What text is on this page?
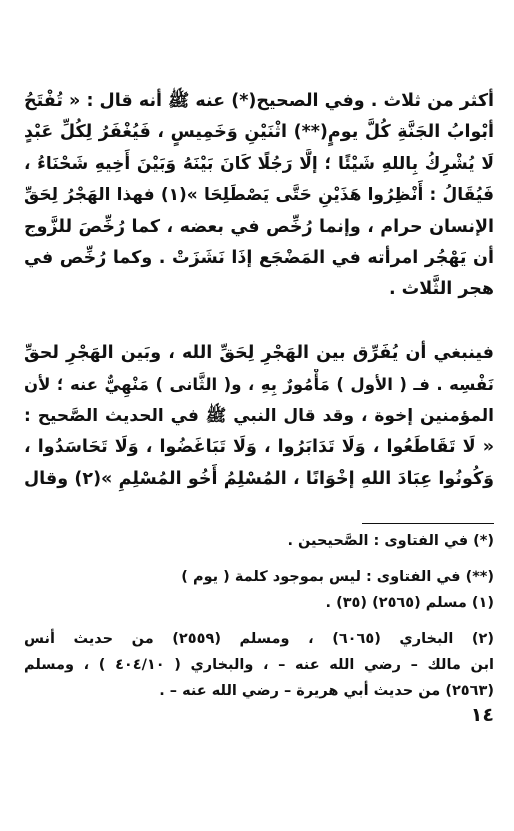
أكثر من ثلاث . وفي الصحيح(*) عنه ﷺ أنه قال : « تُفْتَحُ
أبْوابُ الجَنَّةِ كُلَّ يومٍ(**) اثْنَيْنِ وَخَمِيسٍ ، فَيُغْفَرُ لِكُلِّ عَبْدٍ
لَا يُشْرِكُ بِاللهِ شَيْئًا ؛ إلَّا رَجُلًا كَانَ بَيْنَهُ وَبَيْنَ أَخِيهِ شَحْنَاءُ ،
فَيُقَالُ : أَنْظِرُوا هَذَيْنِ حَتَّى يَصْطَلِحَا »(١) فهذا الهَجْرُ لِحَقِّ
الإنسان حرام ، وإنما رُخِّص في بعضه ، كما رُخِّصَ للزَّوج
أن يَهْجُر امرأته في المَضْجَع إذَا نَشَزَتْ . وكما رُخِّص في
هجر الثَّلاث .
فينبغي أن يُفَرِّق بين الهَجْرِ لِحَقِّ الله ، وبَين الهَجْرِ لحقِّ
نَفْسِه . فـ ( الأول ) مَأْمُورٌ بِهِ ، و( الثَّانى ) مَنْهِيٌّ عنه ؛ لأن
المؤمنين إخوة ، وقد قال النبي ﷺ في الحديث الصَّحيح :
« لَا تَقَاطَعُوا ، وَلَا تَدَابَرُوا ، وَلَا تَبَاغَضُوا ، وَلَا تَحَاسَدُوا ،
وَكُونُوا عِبَادَ اللهِ إخْوَانًا ، المُسْلِمُ أَخُو المُسْلِمِ »(٢) وقال
(*) في الفتاوى : الصَّحيحين .
(**) في الفتاوى : ليس بموجود كلمة ( يوم )
(١) مسلم (٢٥٦٥) (٣٥) .
(٢) البخاري (٦٠٦٥) ، ومسلم (٢٥٥٩) من حديث أنس
ابن مالك – رضي الله عنه – ، والبخاري ( ٤٠٤/١٠ ) ، ومسلم
(٢٥٦٣) من حديث أبي هريرة – رضي الله عنه – .
١٤
